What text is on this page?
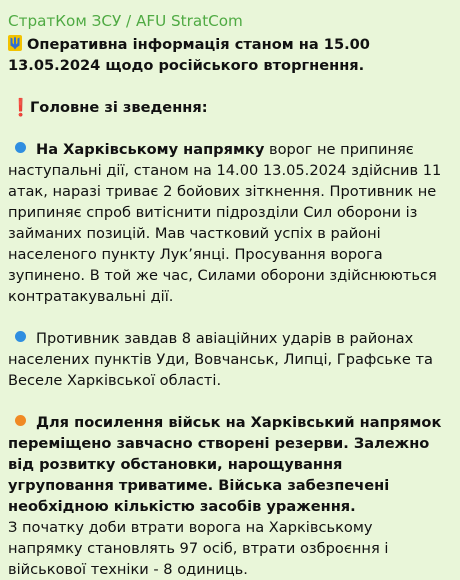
СтратКом ЗСУ / AFU StratCom

Оперативна інформація станом на 15.00 13.05.2024 щодо російського вторгнення.

❗Головне зі зведення:

На Харківському напрямку ворог не припиняє наступальні дії, станом на 14.00 13.05.2024 здійснив 11 атак, наразі триває 2 бойових зіткнення. Противник не припиняє спроб витіснити підрозділи Сил оборони із займаних позицій. Мав частковий успіх в районі населеного пункту Лук’янці. Просування ворога зупинено. В той же час, Силами оборони здійснюються контратакувальні дії.

Противник завдав 8 авіаційних ударів в районах населених пунктів Уди, Вовчанськ, Липці, Графське та Веселе Харківської області.

Для посилення військ на Харківський напрямок переміщено завчасно створені резерви. Залежно від розвитку обстановки, нарощування угруповання триватиме. Війська забезпечені необхідною кількістю засобів ураження.
З початку доби втрати ворога на Харківському напрямку становлять 97 осіб, втрати озброєння і військової техніки - 8 одиниць.
